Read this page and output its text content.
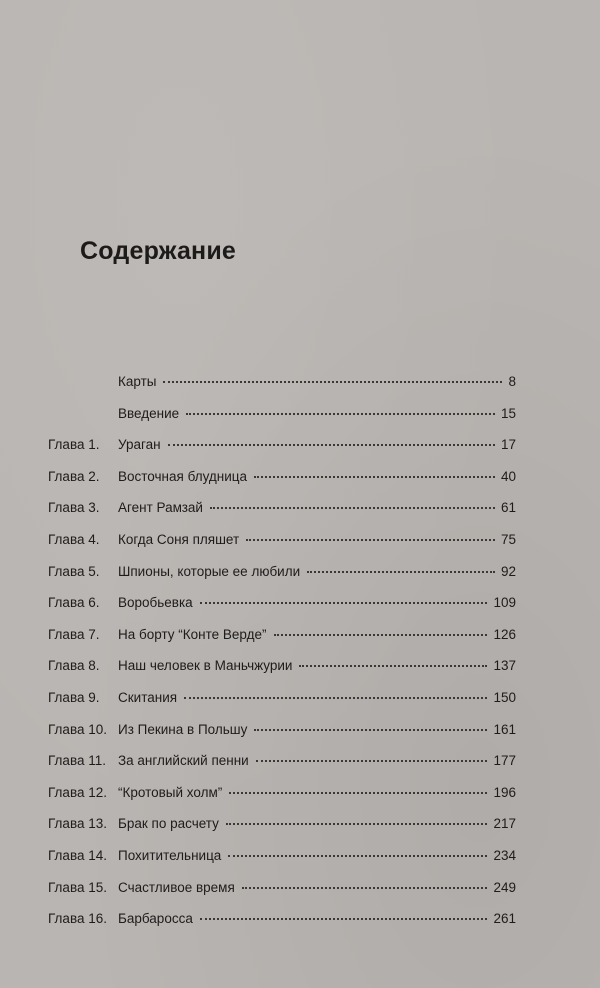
Содержание
Карты	8
Введение	15
Глава 1. Ураган	17
Глава 2. Восточная блудница	40
Глава 3. Агент Рамзай	61
Глава 4. Когда Соня пляшет	75
Глава 5. Шпионы, которые ее любили	92
Глава 6. Воробьевка	109
Глава 7. На борту “Конте Верде”	126
Глава 8. Наш человек в Маньчжурии	137
Глава 9. Скитания	150
Глава 10. Из Пекина в Польшу	161
Глава 11. За английский пенни	177
Глава 12. “Кротовый холм”	196
Глава 13. Брак по расчету	217
Глава 14. Похитительница	234
Глава 15. Счастливое время	249
Глава 16. Барбаросса	261
